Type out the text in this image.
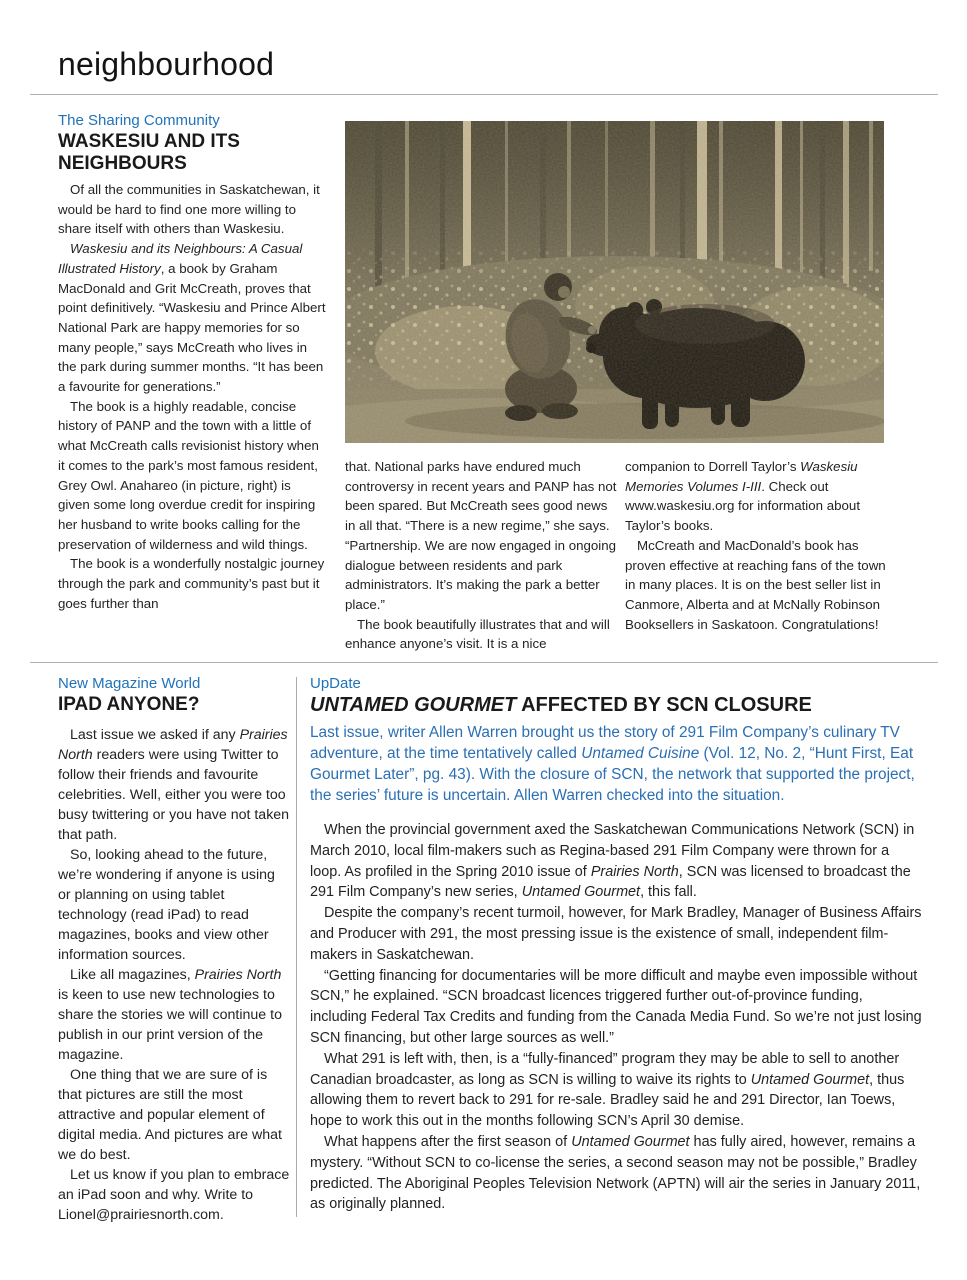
neighbourhood
The Sharing Community
WASKESIU AND ITS NEIGHBOURS

Of all the communities in Saskatchewan, it would be hard to find one more willing to share itself with others than Waskesiu.

Waskesiu and its Neighbours: A Casual Illustrated History, a book by Graham MacDonald and Grit McCreath, proves that point definitively. “Waskesiu and Prince Albert National Park are happy memories for so many people,” says McCreath who lives in the park during summer months. “It has been a favourite for generations.”

The book is a highly readable, concise history of PANP and the town with a little of what McCreath calls revisionist history when it comes to the park’s most famous resident, Grey Owl. Anahareo (in picture, right) is given some long overdue credit for inspiring her husband to write books calling for the preservation of wilderness and wild things.

The book is a wonderfully nostalgic journey through the park and community’s past but it goes further than

that. National parks have endured much controversy in recent years and PANP has not been spared. But McCreath sees good news in all that. “There is a new regime,” she says. “Partnership. We are now engaged in ongoing dialogue between residents and park administrators. It’s making the park a better place.”

The book beautifully illustrates that and will enhance anyone’s visit. It is a nice

companion to Dorrell Taylor’s Waskesiu Memories Volumes I-III. Check out www.waskesiu.org for information about Taylor’s books.

McCreath and MacDonald’s book has proven effective at reaching fans of the town in many places. It is on the best seller list in Canmore, Alberta and at McNally Robinson Booksellers in Saskatoon. Congratulations!

New Magazine World
IPAD ANYONE?

Last issue we asked if any Prairies North readers were using Twitter to follow their friends and favourite celebrities. Well, either you were too busy twittering or you have not taken that path.

So, looking ahead to the future, we’re wondering if anyone is using or planning on using tablet technology (read iPad) to read magazines, books and view other information sources.

Like all magazines, Prairies North is keen to use new technologies to share the stories we will continue to publish in our print version of the magazine.

One thing that we are sure of is that pictures are still the most attractive and popular element of digital media. And pictures are what we do best.

Let us know if you plan to embrace an iPad soon and why. Write to Lionel@prairiesnorth.com.

UpDate
UNTAMED GOURMET AFFECTED BY SCN CLOSURE
Last issue, writer Allen Warren brought us the story of 291 Film Company’s culinary TV adventure, at the time tentatively called Untamed Cuisine (Vol. 12, No. 2, “Hunt First, Eat Gourmet Later”, pg. 43). With the closure of SCN, the network that supported the project, the series’ future is uncertain. Allen Warren checked into the situation.

When the provincial government axed the Saskatchewan Communications Network (SCN) in March 2010, local film-makers such as Regina-based 291 Film Company were thrown for a loop. As profiled in the Spring 2010 issue of Prairies North, SCN was licensed to broadcast the 291 Film Company’s new series, Untamed Gourmet, this fall.

Despite the company’s recent turmoil, however, for Mark Bradley, Manager of Business Affairs and Producer with 291, the most pressing issue is the existence of small, independent film-makers in Saskatchewan.

“Getting financing for documentaries will be more difficult and maybe even impossible without SCN,” he explained. “SCN broadcast licences triggered further out-of-province funding, including Federal Tax Credits and funding from the Canada Media Fund. So we’re not just losing SCN financing, but other large sources as well.”

What 291 is left with, then, is a “fully-financed” program they may be able to sell to another Canadian broadcaster, as long as SCN is willing to waive its rights to Untamed Gourmet, thus allowing them to revert back to 291 for re-sale. Bradley said he and 291 Director, Ian Toews, hope to work this out in the months following SCN’s April 30 demise.

What happens after the first season of Untamed Gourmet has fully aired, however, remains a mystery. “Without SCN to co-license the series, a second season may not be possible,” Bradley predicted. The Aboriginal Peoples Television Network (APTN) will air the series in January 2011, as originally planned.
